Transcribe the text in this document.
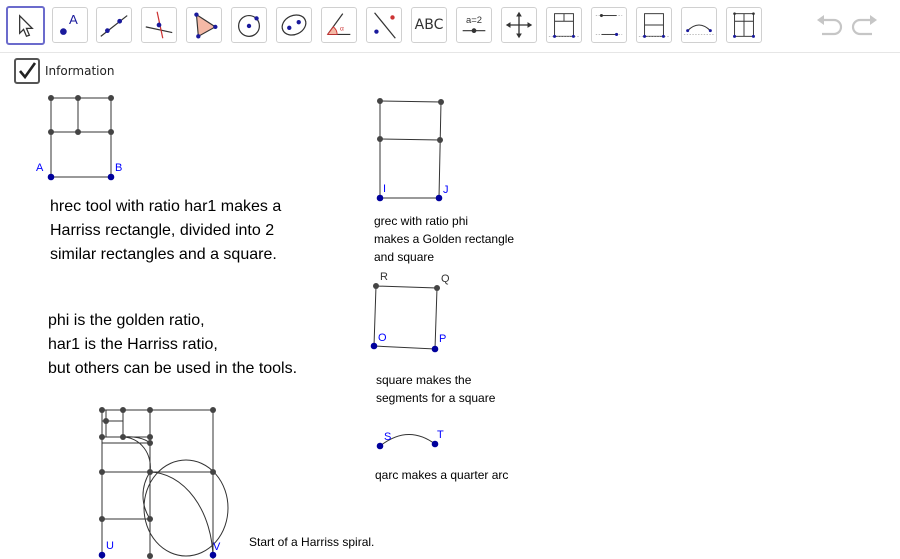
A
α	ABC	a=2
A	B
I	J
R	Q
O	P
S	T
U	V
Information
hrec tool with ratio har1 makes a
Harriss rectangle, divided into 2
similar rectangles and a square.
phi is the golden ratio,
har1 is the Harriss ratio,
but others can be used in the tools.
grec with ratio phi
makes a Golden rectangle
and square
square makes the
segments for a square
qarc makes a quarter arc
Start of a Harriss spiral.
